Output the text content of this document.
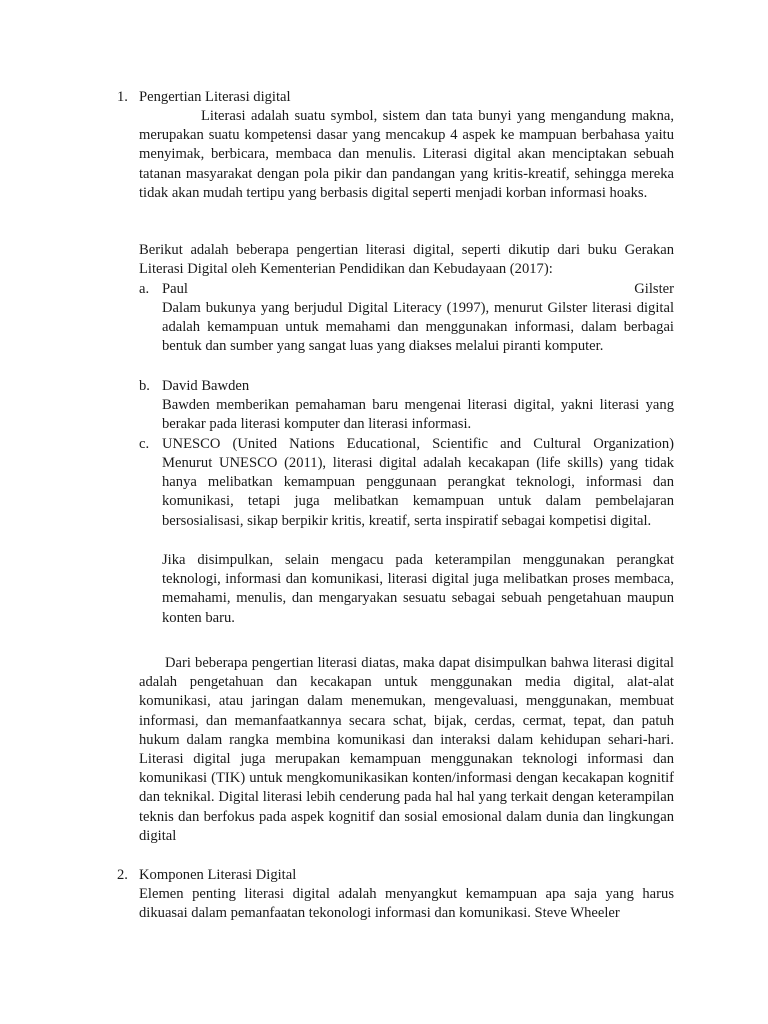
1. Pengertian Literasi digital

Literasi adalah suatu symbol, sistem dan tata bunyi yang mengandung makna, merupakan suatu kompetensi dasar yang mencakup 4 aspek ke mampuan berbahasa yaitu menyimak, berbicara, membaca dan menulis. Literasi digital akan menciptakan sebuah tatanan masyarakat dengan pola pikir dan pandangan yang kritis-kreatif, sehingga mereka tidak akan mudah tertipu yang berbasis digital seperti menjadi korban informasi hoaks.

Berikut adalah beberapa pengertian literasi digital, seperti dikutip dari buku Gerakan Literasi Digital oleh Kementerian Pendidikan dan Kebudayaan (2017):

a. Paul	Gilster

Dalam bukunya yang berjudul Digital Literacy (1997), menurut Gilster literasi digital adalah kemampuan untuk memahami dan menggunakan informasi, dalam berbagai bentuk dan sumber yang sangat luas yang diakses melalui piranti komputer.

b. David Bawden

Bawden memberikan pemahaman baru mengenai literasi digital, yakni literasi yang berakar pada literasi komputer dan literasi informasi.

c. UNESCO (United Nations Educational, Scientific and Cultural Organization)

Menurut UNESCO (2011), literasi digital adalah kecakapan (life skills) yang tidak hanya melibatkan kemampuan penggunaan perangkat teknologi, informasi dan komunikasi, tetapi juga melibatkan kemampuan untuk dalam pembelajaran bersosialisasi, sikap berpikir kritis, kreatif, serta inspiratif sebagai kompetisi digital.

Jika disimpulkan, selain mengacu pada keterampilan menggunakan perangkat teknologi, informasi dan komunikasi, literasi digital juga melibatkan proses membaca, memahami, menulis, dan mengaryakan sesuatu sebagai sebuah pengetahuan maupun konten baru.

Dari beberapa pengertian literasi diatas, maka dapat disimpulkan bahwa literasi digital adalah pengetahuan dan kecakapan untuk menggunakan media digital, alat-alat komunikasi, atau jaringan dalam menemukan, mengevaluasi, menggunakan, membuat informasi, dan memanfaatkannya secara schat, bijak, cerdas, cermat, tepat, dan patuh hukum dalam rangka membina komunikasi dan interaksi dalam kehidupan sehari-hari. Literasi digital juga merupakan kemampuan menggunakan teknologi informasi dan komunikasi (TIK) untuk mengkomunikasikan konten/informasi dengan kecakapan kognitif dan teknikal. Digital literasi lebih cenderung pada hal hal yang terkait dengan keterampilan teknis dan berfokus pada aspek kognitif dan sosial emosional dalam dunia dan lingkungan digital

2. Komponen Literasi Digital

Elemen penting literasi digital adalah menyangkut kemampuan apa saja yang harus dikuasai dalam pemanfaatan tekonologi informasi dan komunikasi. Steve Wheeler
